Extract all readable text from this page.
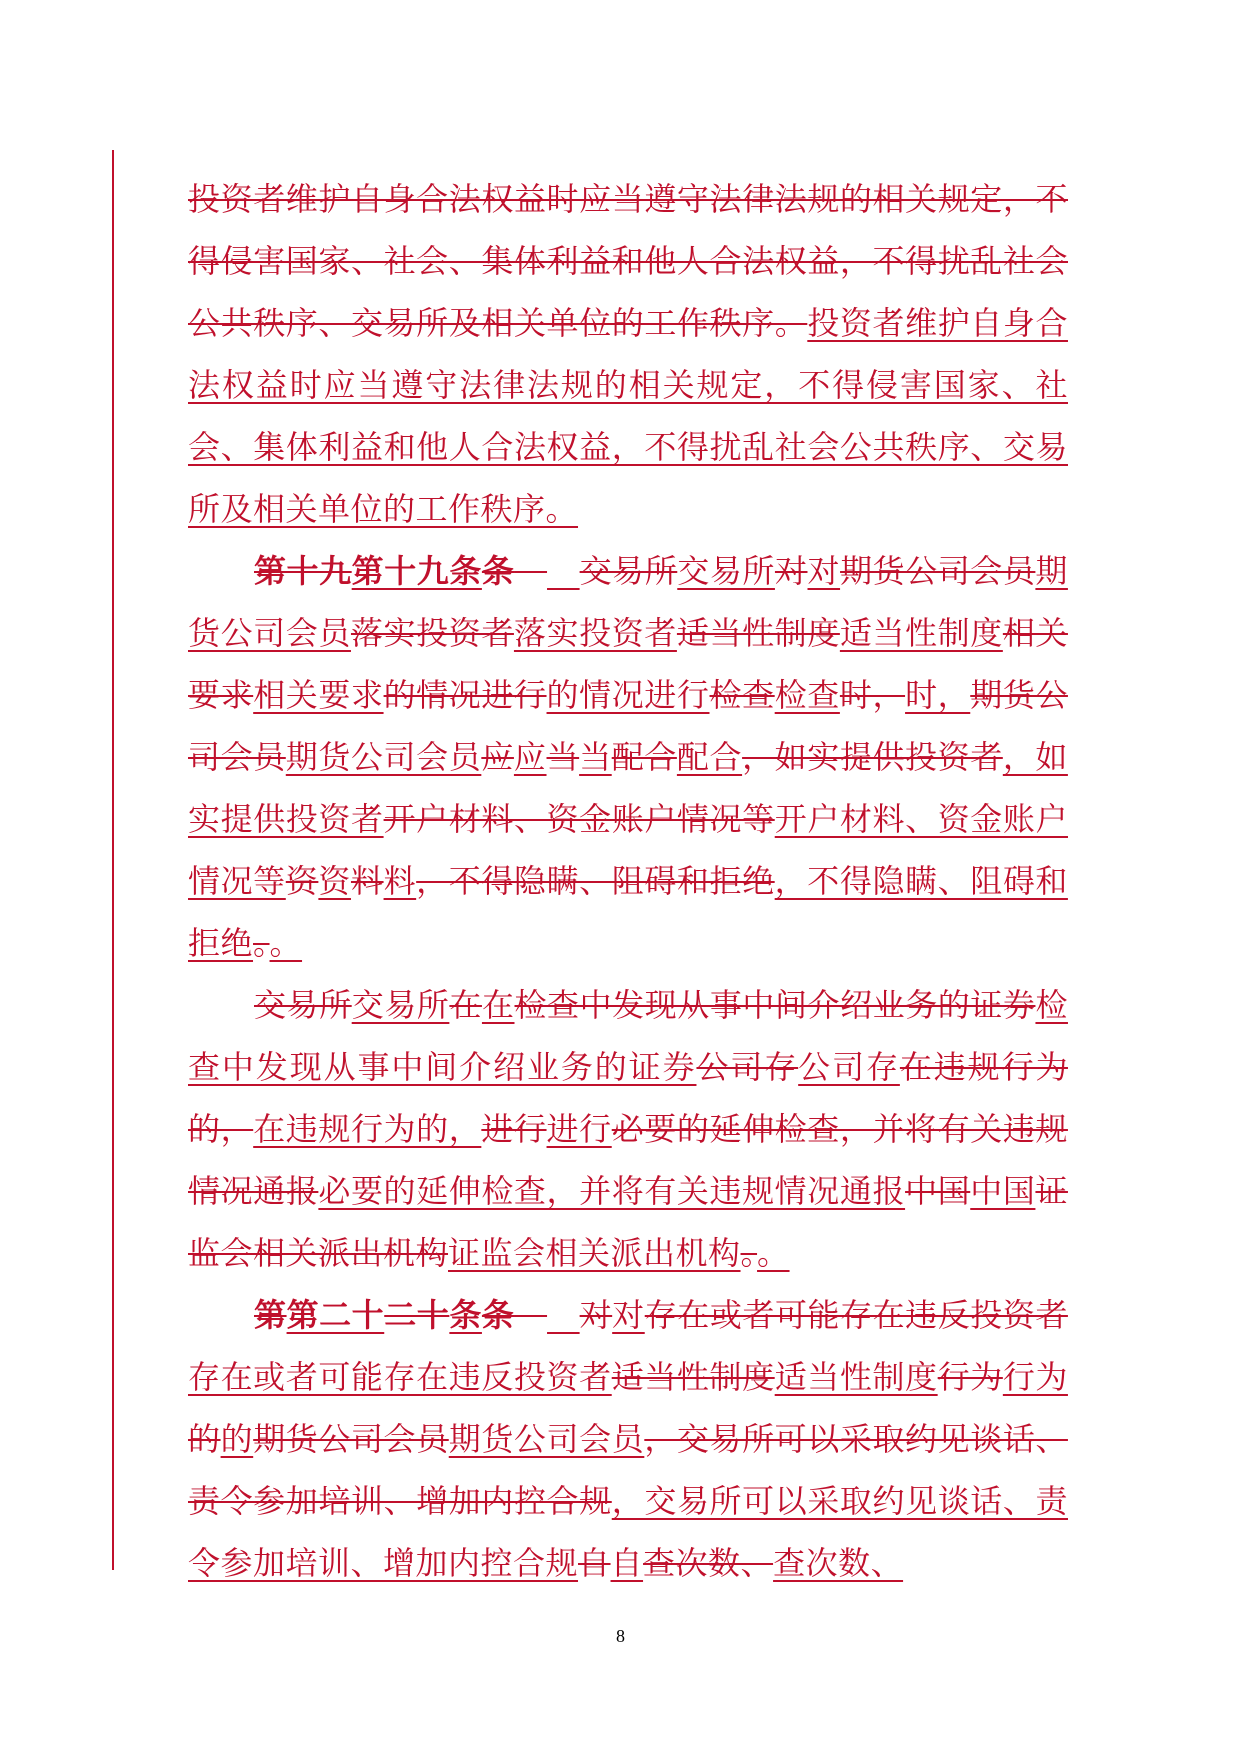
投资者维护自身合法权益时应当遵守法律法规的相关规定，不得侵害国家、社会、集体利益和他人合法权益，不得扰乱社会公共秩序、交易所及相关单位的工作秩序。投资者维护自身合法权益时应当遵守法律法规的相关规定，不得侵害国家、社会、集体利益和他人合法权益，不得扰乱社会公共秩序、交易所及相关单位的工作秩序。

第十九第十九条条　　 交易所交易所对对期货公司会员期货公司会员落实投资者落实投资者适当性制度适当性制度相关要求相关要求的情况进行的情况进行检查检查时，时，期货公司会员期货公司会员应应当当配合配合，如实提供投资者，如实提供投资者开户材料、资金账户情况等开户材料、资金账户情况等资资料料，不得隐瞒、阻碍和拒绝，不得隐瞒、阻碍和拒绝。。

交易所交易所在在检查中发现从事中间介绍业务的证券检查中发现从事中间介绍业务的证券公司存公司存在违规行为的，在违规行为的，进行进行必要的延伸检查，并将有关违规情况通报必要的延伸检查，并将有关违规情况通报中国中国证监会相关派出机构证监会相关派出机构。。

第第二十二十条条　　 对对存在或者可能存在违反投资者存在或者可能存在违反投资者适当性制度适当性制度行为行为的的期货公司会员期货公司会员，交易所可以采取约见谈话、责令参加培训、增加内控合规，交易所可以采取约见谈话、责令参加培训、增加内控合规自自查次数、查次数、

8
